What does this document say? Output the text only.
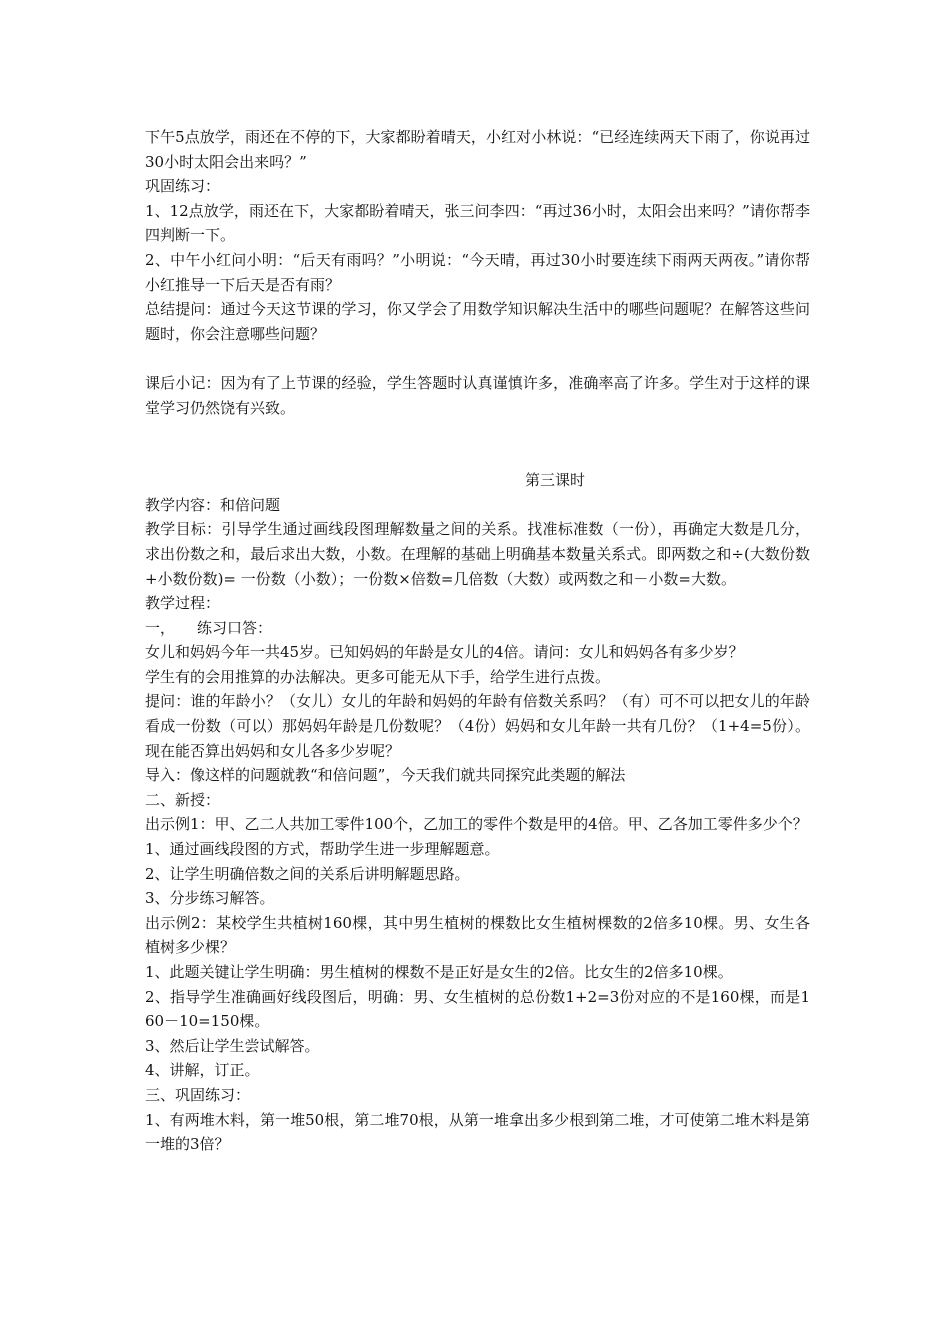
下午5点放学，雨还在不停的下，大家都盼着晴天，小红对小林说：“已经连续两天下雨了，你说再过30小时太阳会出来吗？”

巩固练习：

1、12点放学，雨还在下，大家都盼着晴天，张三问李四：“再过36小时，太阳会出来吗？”请你帮李四判断一下。

2、中午小红问小明：“后天有雨吗？”小明说：“今天晴，再过30小时要连续下雨两天两夜。”请你帮小红推导一下后天是否有雨？

总结提问：通过今天这节课的学习，你又学会了用数学知识解决生活中的哪些问题呢？在解答这些问题时，你会注意哪些问题？

课后小记：因为有了上节课的经验，学生答题时认真谨慎许多，准确率高了许多。学生对于这样的课堂学习仍然饶有兴致。

第三课时

教学内容：和倍问题

教学目标：引导学生通过画线段图理解数量之间的关系。找准标准数（一份），再确定大数是几分，求出份数之和，最后求出大数，小数。在理解的基础上明确基本数量关系式。即两数之和÷(大数份数+小数份数)= 一份数（小数）；一份数×倍数=几倍数（大数）或两数之和－小数=大数。

教学过程：

一， 练习口答：

女儿和妈妈今年一共45岁。已知妈妈的年龄是女儿的4倍。请问：女儿和妈妈各有多少岁？

学生有的会用推算的办法解决。更多可能无从下手，给学生进行点拨。

提问：谁的年龄小？（女儿）女儿的年龄和妈妈的年龄有倍数关系吗？（有）可不可以把女儿的年龄看成一份数（可以）那妈妈年龄是几份数呢？（4份）妈妈和女儿年龄一共有几份？（1+4=5份）。现在能否算出妈妈和女儿各多少岁呢？

导入：像这样的问题就教“和倍问题”，今天我们就共同探究此类题的解法

二、新授：

出示例1：甲、乙二人共加工零件100个，乙加工的零件个数是甲的4倍。甲、乙各加工零件多少个？

1、通过画线段图的方式，帮助学生进一步理解题意。

2、让学生明确倍数之间的关系后讲明解题思路。

3、分步练习解答。

出示例2：某校学生共植树160棵，其中男生植树的棵数比女生植树棵数的2倍多10棵。男、女生各植树多少棵？

1、此题关键让学生明确：男生植树的棵数不是正好是女生的2倍。比女生的2倍多10棵。

2、指导学生准确画好线段图后，明确：男、女生植树的总份数1+2=3份对应的不是160棵，而是160－10=150棵。

3、然后让学生尝试解答。

4、讲解，订正。

三、巩固练习：

1、有两堆木料，第一堆50根，第二堆70根，从第一堆拿出多少根到第二堆，才可使第二堆木料是第一堆的3倍？
